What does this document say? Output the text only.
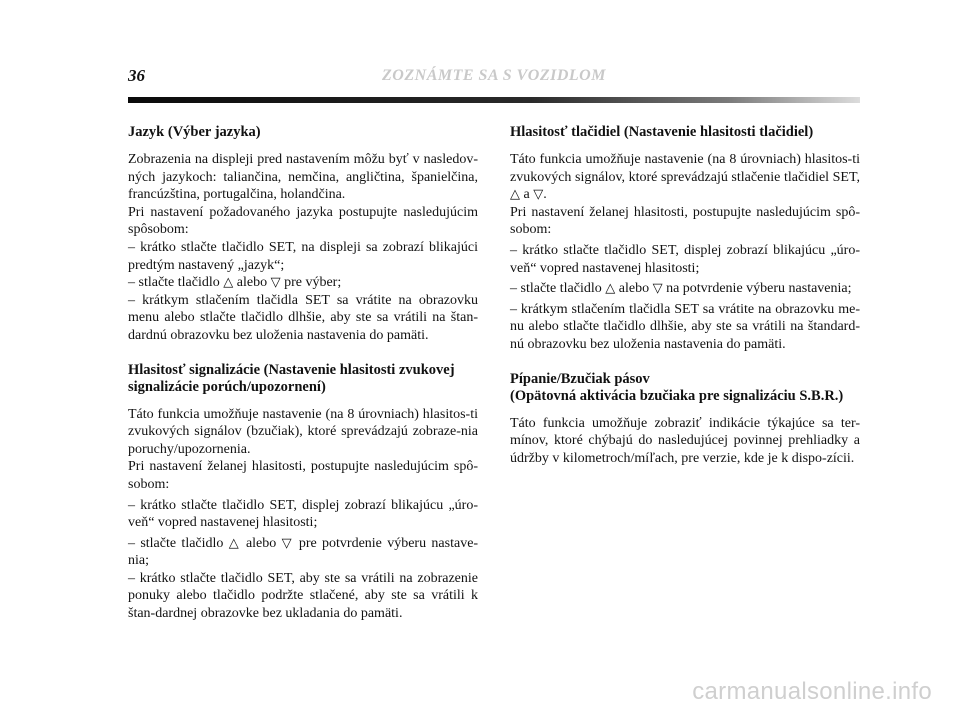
36	ZOZNÁMTE SA S VOZIDLOM
Jazyk (Výber jazyka)

Zobrazenia na displeji pred nastavením môžu byť v nasledov-ných jazykoch: taliančina, nemčina, angličtina, španielčina, francúzština, portugalčina, holandčina.

Pri nastavení požadovaného jazyka postupujte nasledujúcim spôsobom:

– krátko stlačte tlačidlo SET, na displeji sa zobrazí blikajúci predtým nastavený „jazyk“;

– stlačte tlačidlo △ alebo ▽ pre výber;

– krátkym stlačením tlačidla SET sa vrátite na obrazovku menu alebo stlačte tlačidlo dlhšie, aby ste sa vrátili na štan-dardnú obrazovku bez uloženia nastavenia do pamäti.

Hlasitosť signalizácie (Nastavenie hlasitosti zvukovej signalizácie porúch/upozornení)

Táto funkcia umožňuje nastavenie (na 8 úrovniach) hlasitos-ti zvukových signálov (bzučiak), ktoré sprevádzajú zobraze-nia poruchy/upozornenia.

Pri nastavení želanej hlasitosti, postupujte nasledujúcim spô-sobom:

– krátko stlačte tlačidlo SET, displej zobrazí blikajúcu „úro-veň“ vopred nastavenej hlasitosti;

– stlačte tlačidlo △ alebo ▽ pre potvrdenie výberu nastave-nia;

– krátko stlačte tlačidlo SET, aby ste sa vrátili na zobrazenie ponuky alebo tlačidlo podržte stlačené, aby ste sa vrátili k štan-dardnej obrazovke bez ukladania do pamäti.

Hlasitosť tlačidiel (Nastavenie hlasitosti tlačidiel)

Táto funkcia umožňuje nastavenie (na 8 úrovniach) hlasitos-ti zvukových signálov, ktoré sprevádzajú stlačenie tlačidiel SET, △ a ▽.

Pri nastavení želanej hlasitosti, postupujte nasledujúcim spô-sobom:

– krátko stlačte tlačidlo SET, displej zobrazí blikajúcu „úro-veň“ vopred nastavenej hlasitosti;

– stlačte tlačidlo △ alebo ▽ na potvrdenie výberu nastavenia;

– krátkym stlačením tlačidla SET sa vrátite na obrazovku me-nu alebo stlačte tlačidlo dlhšie, aby ste sa vrátili na štandard-nú obrazovku bez uloženia nastavenia do pamäti.

Pípanie/Bzučiak pásov
(Opätovná aktivácia bzučiaka pre signalizáciu S.B.R.)

Táto funkcia umožňuje zobraziť indikácie týkajúce sa ter-mínov, ktoré chýbajú do nasledujúcej povinnej prehliadky a údržby v kilometroch/míľach, pre verzie, kde je k dispo-zícii.

carmanualsonline.info
